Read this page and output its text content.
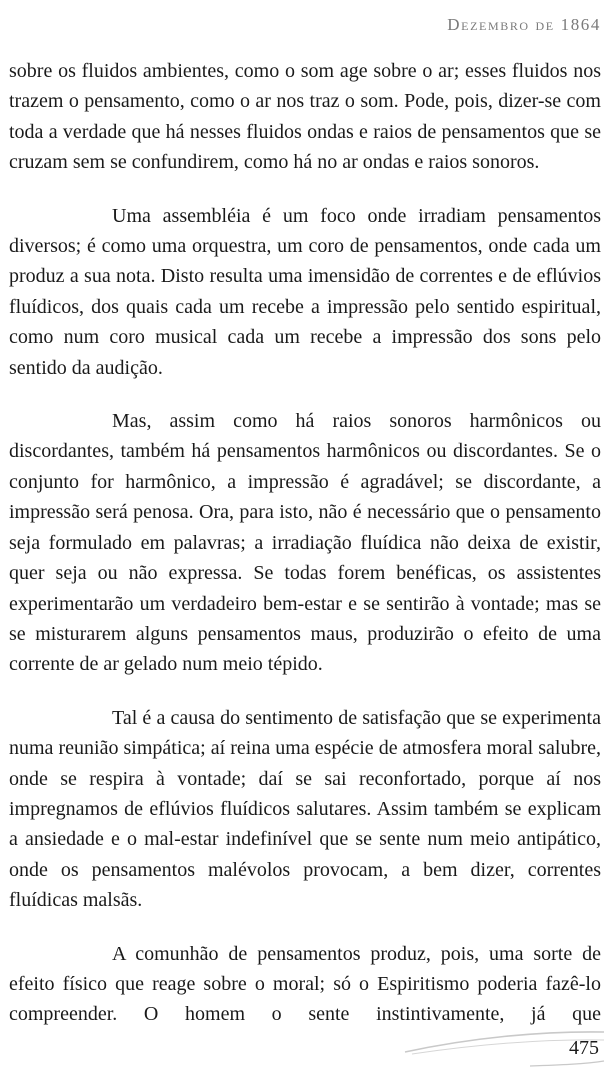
Dezembro de 1864

sobre os fluidos ambientes, como o som age sobre o ar; esses fluidos nos trazem o pensamento, como o ar nos traz o som. Pode, pois, dizer-se com toda a verdade que há nesses fluidos ondas e raios de pensamentos que se cruzam sem se confundirem, como há no ar ondas e raios sonoros.

Uma assembléia é um foco onde irradiam pensamentos diversos; é como uma orquestra, um coro de pensamentos, onde cada um produz a sua nota. Disto resulta uma imensidão de correntes e de eflúvios fluídicos, dos quais cada um recebe a impressão pelo sentido espiritual, como num coro musical cada um recebe a impressão dos sons pelo sentido da audição.

Mas, assim como há raios sonoros harmônicos ou discordantes, também há pensamentos harmônicos ou discordantes. Se o conjunto for harmônico, a impressão é agradável; se discordante, a impressão será penosa. Ora, para isto, não é necessário que o pensamento seja formulado em palavras; a irradiação fluídica não deixa de existir, quer seja ou não expressa. Se todas forem benéficas, os assistentes experimentarão um verdadeiro bem-estar e se sentirão à vontade; mas se se misturarem alguns pensamentos maus, produzirão o efeito de uma corrente de ar gelado num meio tépido.

Tal é a causa do sentimento de satisfação que se experimenta numa reunião simpática; aí reina uma espécie de atmosfera moral salubre, onde se respira à vontade; daí se sai reconfortado, porque aí nos impregnamos de eflúvios fluídicos salutares. Assim também se explicam a ansiedade e o mal-estar indefinível que se sente num meio antipático, onde os pensamentos malévolos provocam, a bem dizer, correntes fluídicas malsãs.

A comunhão de pensamentos produz, pois, uma sorte de efeito físico que reage sobre o moral; só o Espiritismo poderia fazê-lo compreender. O homem o sente instintivamente, já que

475
